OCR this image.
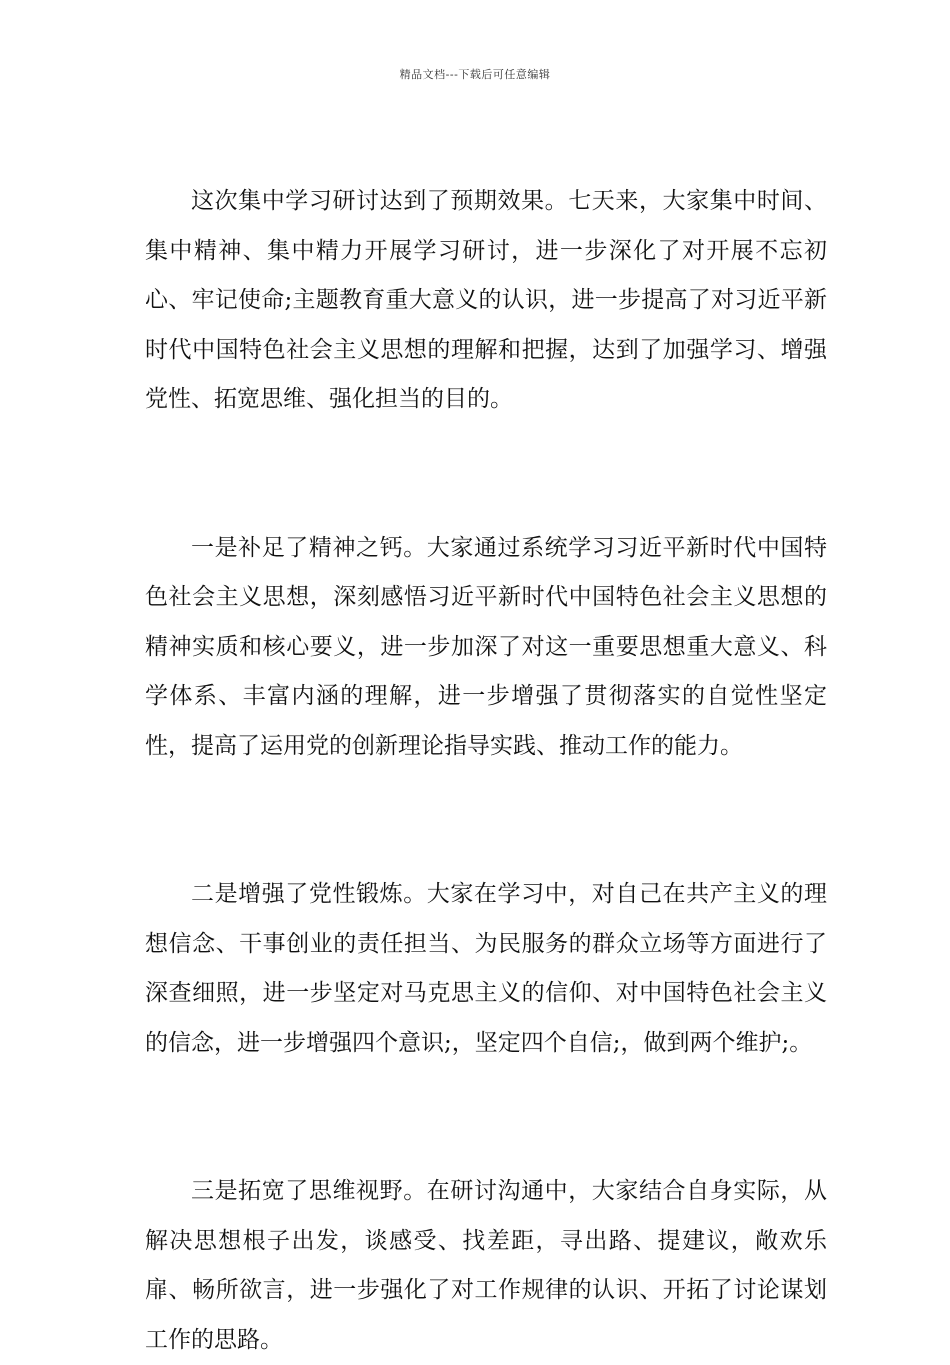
精品文档---下载后可任意编辑

这次集中学习研讨达到了预期效果。七天来，大家集中时间、集中精神、集中精力开展学习研讨，进一步深化了对开展不忘初心、牢记使命;主题教育重大意义的认识，进一步提高了对习近平新时代中国特色社会主义思想的理解和把握，达到了加强学习、增强党性、拓宽思维、强化担当的目的。

一是补足了精神之钙。大家通过系统学习习近平新时代中国特色社会主义思想，深刻感悟习近平新时代中国特色社会主义思想的精神实质和核心要义，进一步加深了对这一重要思想重大意义、科学体系、丰富内涵的理解，进一步增强了贯彻落实的自觉性坚定性，提高了运用党的创新理论指导实践、推动工作的能力。

二是增强了党性锻炼。大家在学习中，对自己在共产主义的理想信念、干事创业的责任担当、为民服务的群众立场等方面进行了深查细照，进一步坚定对马克思主义的信仰、对中国特色社会主义的信念，进一步增强四个意识;，坚定四个自信;，做到两个维护;。

三是拓宽了思维视野。在研讨沟通中，大家结合自身实际，从解决思想根子出发，谈感受、找差距，寻出路、提建议，敞欢乐扉、畅所欲言，进一步强化了对工作规律的认识、开拓了讨论谋划工作的思路。
